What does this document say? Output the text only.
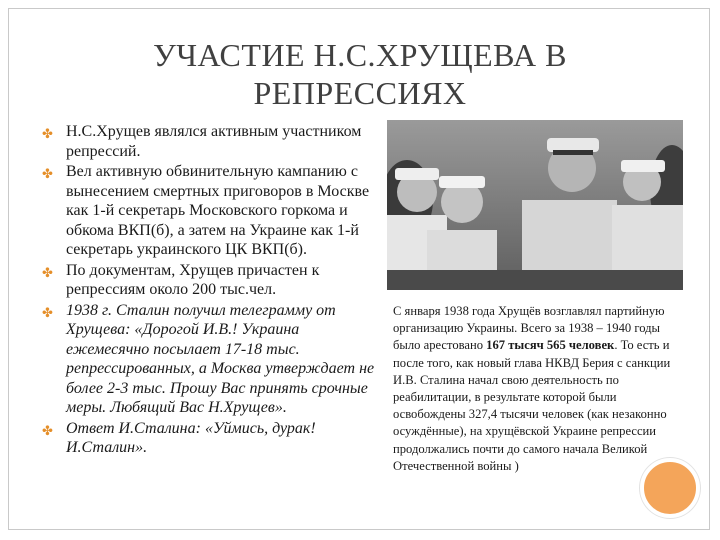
УЧАСТИЕ Н.С.ХРУЩЕВА В
РЕПРЕССИЯХ
✤ Н.С.Хрущев являлся активным участником репрессий.
✤ Вел активную обвинительную кампанию с вынесением смертных приговоров в Москве как 1-й секретарь Московского горкома и обкома ВКП(б), а затем на Украине как 1-й секретарь украинского ЦК ВКП(б).
✤ По документам, Хрущев причастен к репрессиям около 200 тыс.чел.
✤ 1938 г. Сталин получил телеграмму от Хрущева: «Дорогой И.В.! Украина ежемесячно посылает 17-18 тыс. репрессированных, а Москва утверждает не более 2-3 тыс. Прошу Вас принять срочные меры. Любящий Вас Н.Хрущев».
✤ Ответ И.Сталина: «Уймись, дурак! И.Сталин».
С января 1938 года Хрущёв возглавлял партийную организацию Украины. Всего за 1938 – 1940 годы было арестовано 167 тысяч 565 человек. То есть и после того, как новый глава НКВД Берия с санкции И.В. Сталина начал свою деятельность по реабилитации, в результате которой были освобождены 327,4 тысячи человек (как незаконно осуждённые), на хрущёвской Украине репрессии продолжались почти до самого начала Великой Отечественной войны )
